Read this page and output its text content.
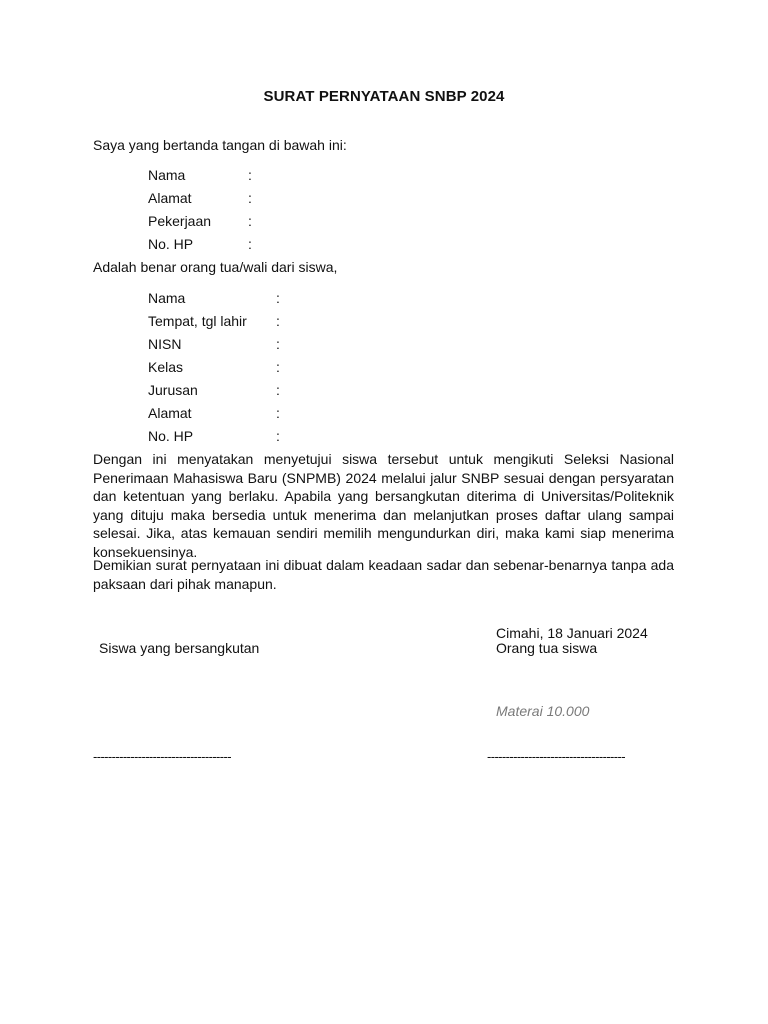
SURAT PERNYATAAN SNBP 2024
Saya yang bertanda tangan di bawah ini:
Nama	:
Alamat	:
Pekerjaan	:
No. HP	:
Adalah benar orang tua/wali dari siswa,
Nama	:
Tempat, tgl lahir :
NISN	:
Kelas	:
Jurusan	:
Alamat	:
No. HP	:
Dengan ini menyatakan menyetujui siswa tersebut untuk mengikuti Seleksi Nasional Penerimaan Mahasiswa Baru (SNPMB) 2024 melalui jalur SNBP sesuai dengan persyaratan dan ketentuan yang berlaku. Apabila yang bersangkutan diterima di Universitas/Politeknik yang dituju maka bersedia untuk menerima dan melanjutkan proses daftar ulang sampai selesai. Jika, atas kemauan sendiri memilih mengundurkan diri, maka kami siap menerima konsekuensinya.
Demikian surat pernyataan ini dibuat dalam keadaan sadar dan sebenar-benarnya tanpa ada paksaan dari pihak manapun.
Siswa yang bersangkutan
Cimahi, 18 Januari 2024
Orang tua siswa
Materai 10.000
-------------------------------------	-------------------------------------
